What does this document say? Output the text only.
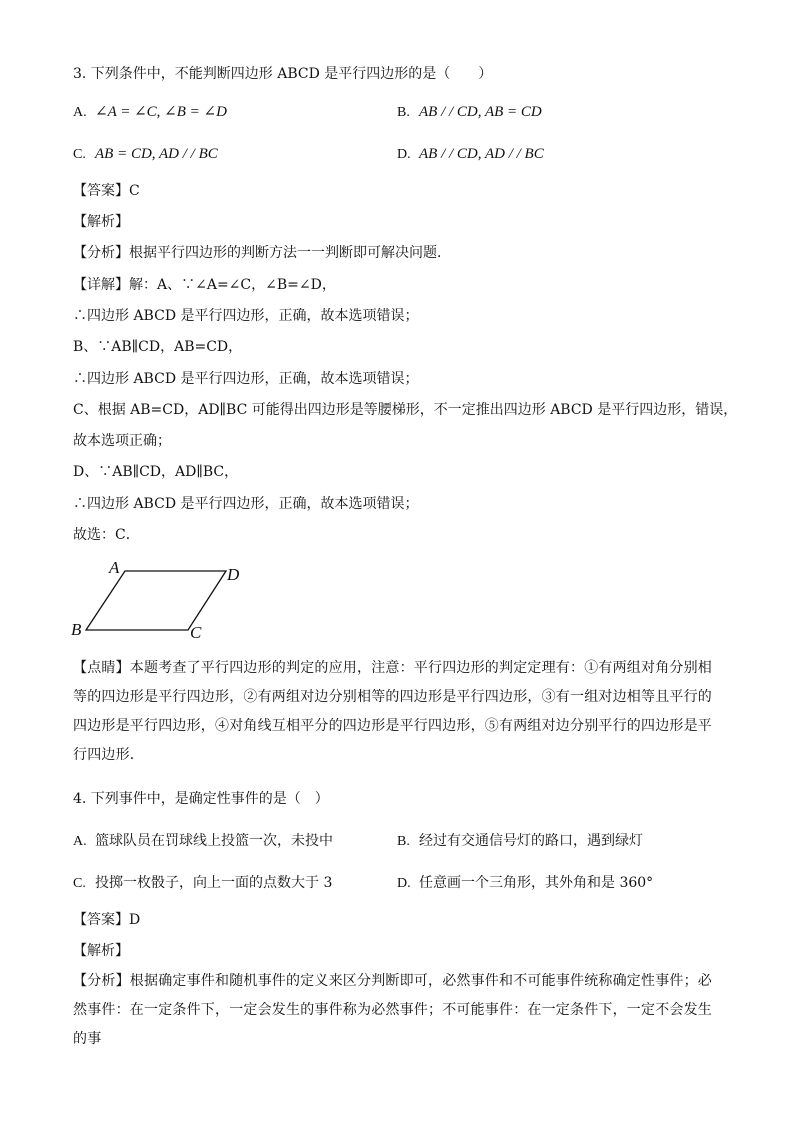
3. 下列条件中，不能判断四边形 ABCD 是平行四边形的是（　　）
A. ∠A = ∠C, ∠B = ∠D	B. AB / / CD, AB = CD
C. AB = CD, AD / / BC	D. AB / / CD, AD / / BC
【答案】C
【解析】
【分析】根据平行四边形的判断方法一一判断即可解决问题．
【详解】解：A、∵∠A=∠C，∠B=∠D，
∴四边形 ABCD 是平行四边形，正确，故本选项错误；
B、∵AB∥CD，AB=CD，
∴四边形 ABCD 是平行四边形，正确，故本选项错误；
C、根据 AB=CD，AD∥BC 可能得出四边形是等腰梯形，不一定推出四边形 ABCD 是平行四边形，错误，
故本选项正确；
D、∵AB∥CD，AD∥BC，
∴四边形 ABCD 是平行四边形，正确，故本选项错误；
故选：C．
A	D
B	C
【点睛】本题考查了平行四边形的判定的应用，注意：平行四边形的判定定理有：①有两组对角分别相等的四边形是平行四边形，②有两组对边分别相等的四边形是平行四边形，③有一组对边相等且平行的四边形是平行四边形，④对角线互相平分的四边形是平行四边形，⑤有两组对边分别平行的四边形是平行四边形．
4. 下列事件中，是确定性事件的是（　）
A. 篮球队员在罚球线上投篮一次，未投中	B. 经过有交通信号灯的路口，遇到绿灯
C. 投掷一枚骰子，向上一面的点数大于 3	D. 任意画一个三角形，其外角和是 360°
【答案】D
【解析】
【分析】根据确定事件和随机事件的定义来区分判断即可，必然事件和不可能事件统称确定性事件；必然事件：在一定条件下，一定会发生的事件称为必然事件；不可能事件：在一定条件下，一定不会发生的事
